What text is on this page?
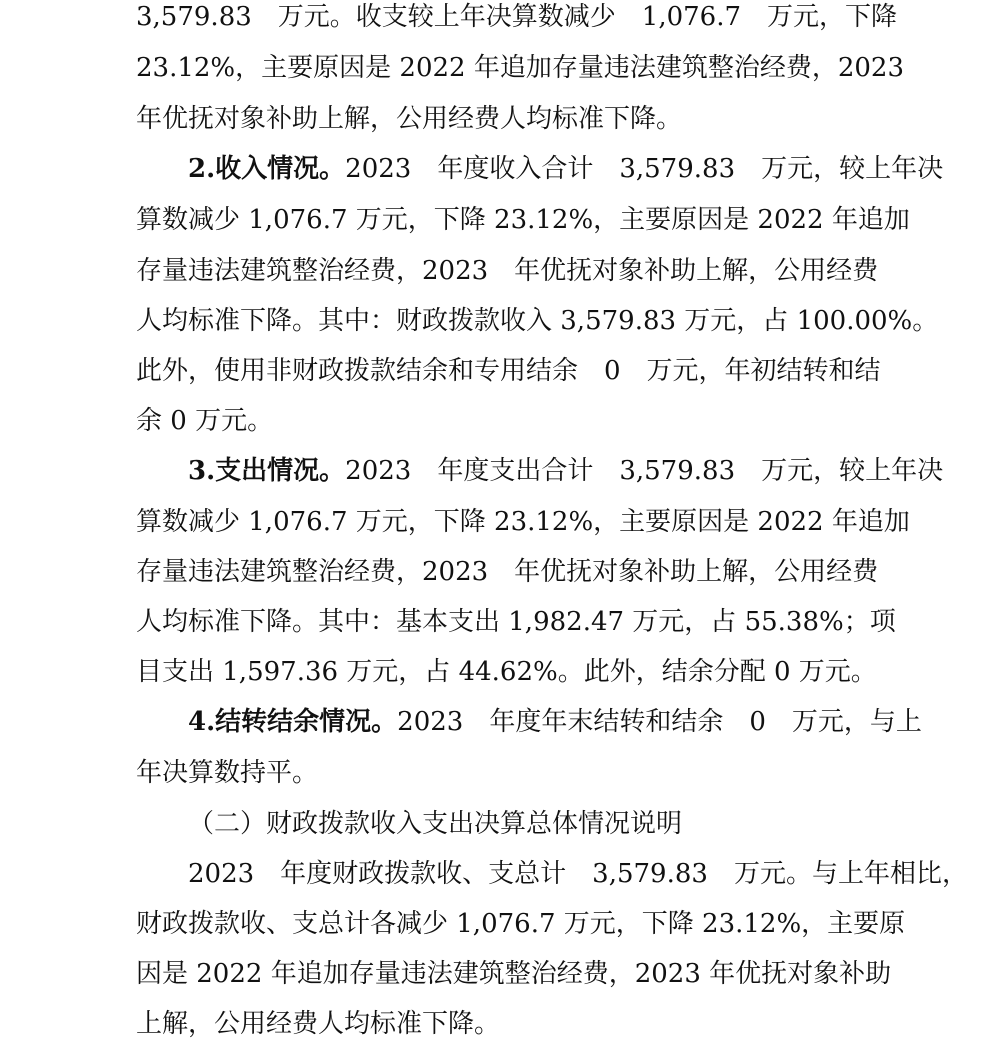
3,579.83　万元。收支较上年决算数减少　1,076.7　万元，下降
23.12%，主要原因是 2022 年追加存量违法建筑整治经费，2023
年优抚对象补助上解，公用经费人均标准下降。
2.收入情况。2023　年度收入合计　3,579.83　万元，较上年决
算数减少 1,076.7 万元，下降 23.12%，主要原因是 2022 年追加
存量违法建筑整治经费，2023　年优抚对象补助上解，公用经费
人均标准下降。其中：财政拨款收入 3,579.83 万元，占 100.00%。
此外，使用非财政拨款结余和专用结余　0　万元，年初结转和结
余 0 万元。
3.支出情况。2023　年度支出合计　3,579.83　万元，较上年决
算数减少 1,076.7 万元，下降 23.12%，主要原因是 2022 年追加
存量违法建筑整治经费，2023　年优抚对象补助上解，公用经费
人均标准下降。其中：基本支出 1,982.47 万元，占 55.38%；项
目支出 1,597.36 万元，占 44.62%。此外，结余分配 0 万元。
4.结转结余情况。2023　年度年末结转和结余　0　万元，与上
年决算数持平。
（二）财政拨款收入支出决算总体情况说明
2023　年度财政拨款收、支总计　3,579.83　万元。与上年相比，
财政拨款收、支总计各减少 1,076.7 万元，下降 23.12%，主要原
因是 2022 年追加存量违法建筑整治经费，2023 年优抚对象补助
上解，公用经费人均标准下降。
